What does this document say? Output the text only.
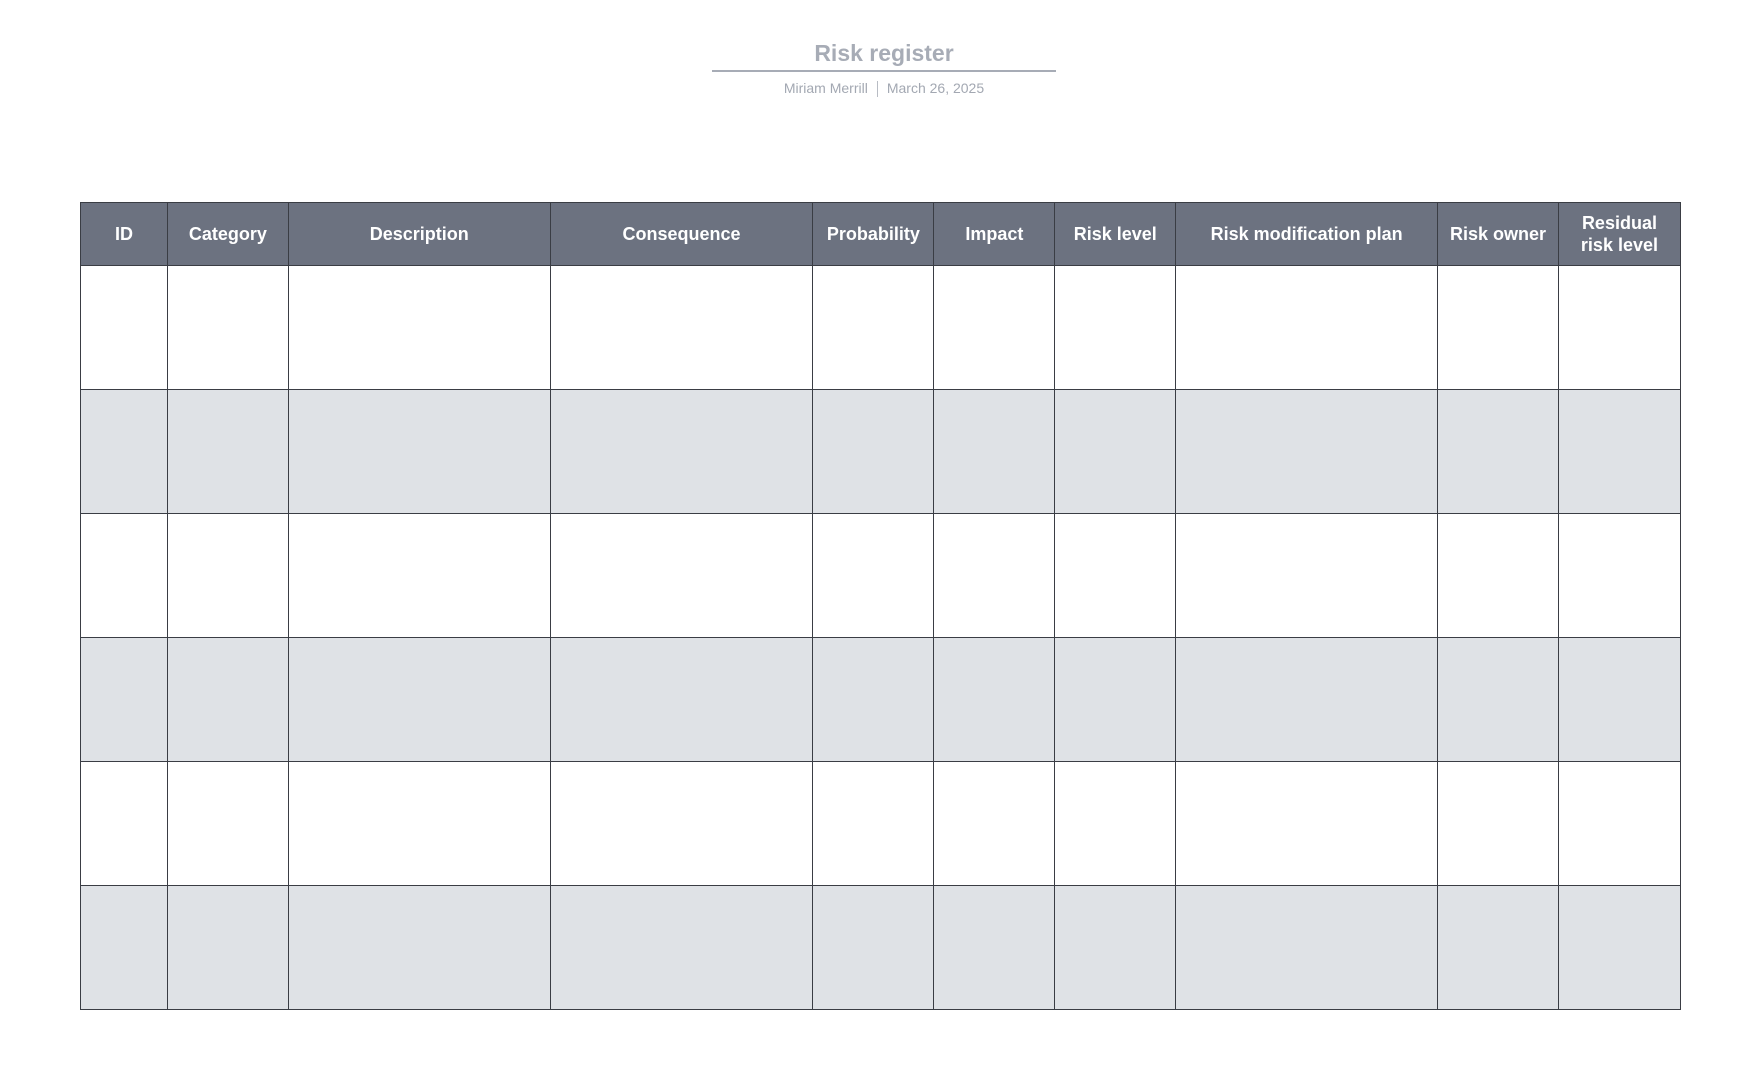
Risk register
Miriam Merrill March 26, 2025
ID	Category	Description	Consequence	Probability	Impact	Risk level	Risk modification plan	Risk owner	Residual risk level
